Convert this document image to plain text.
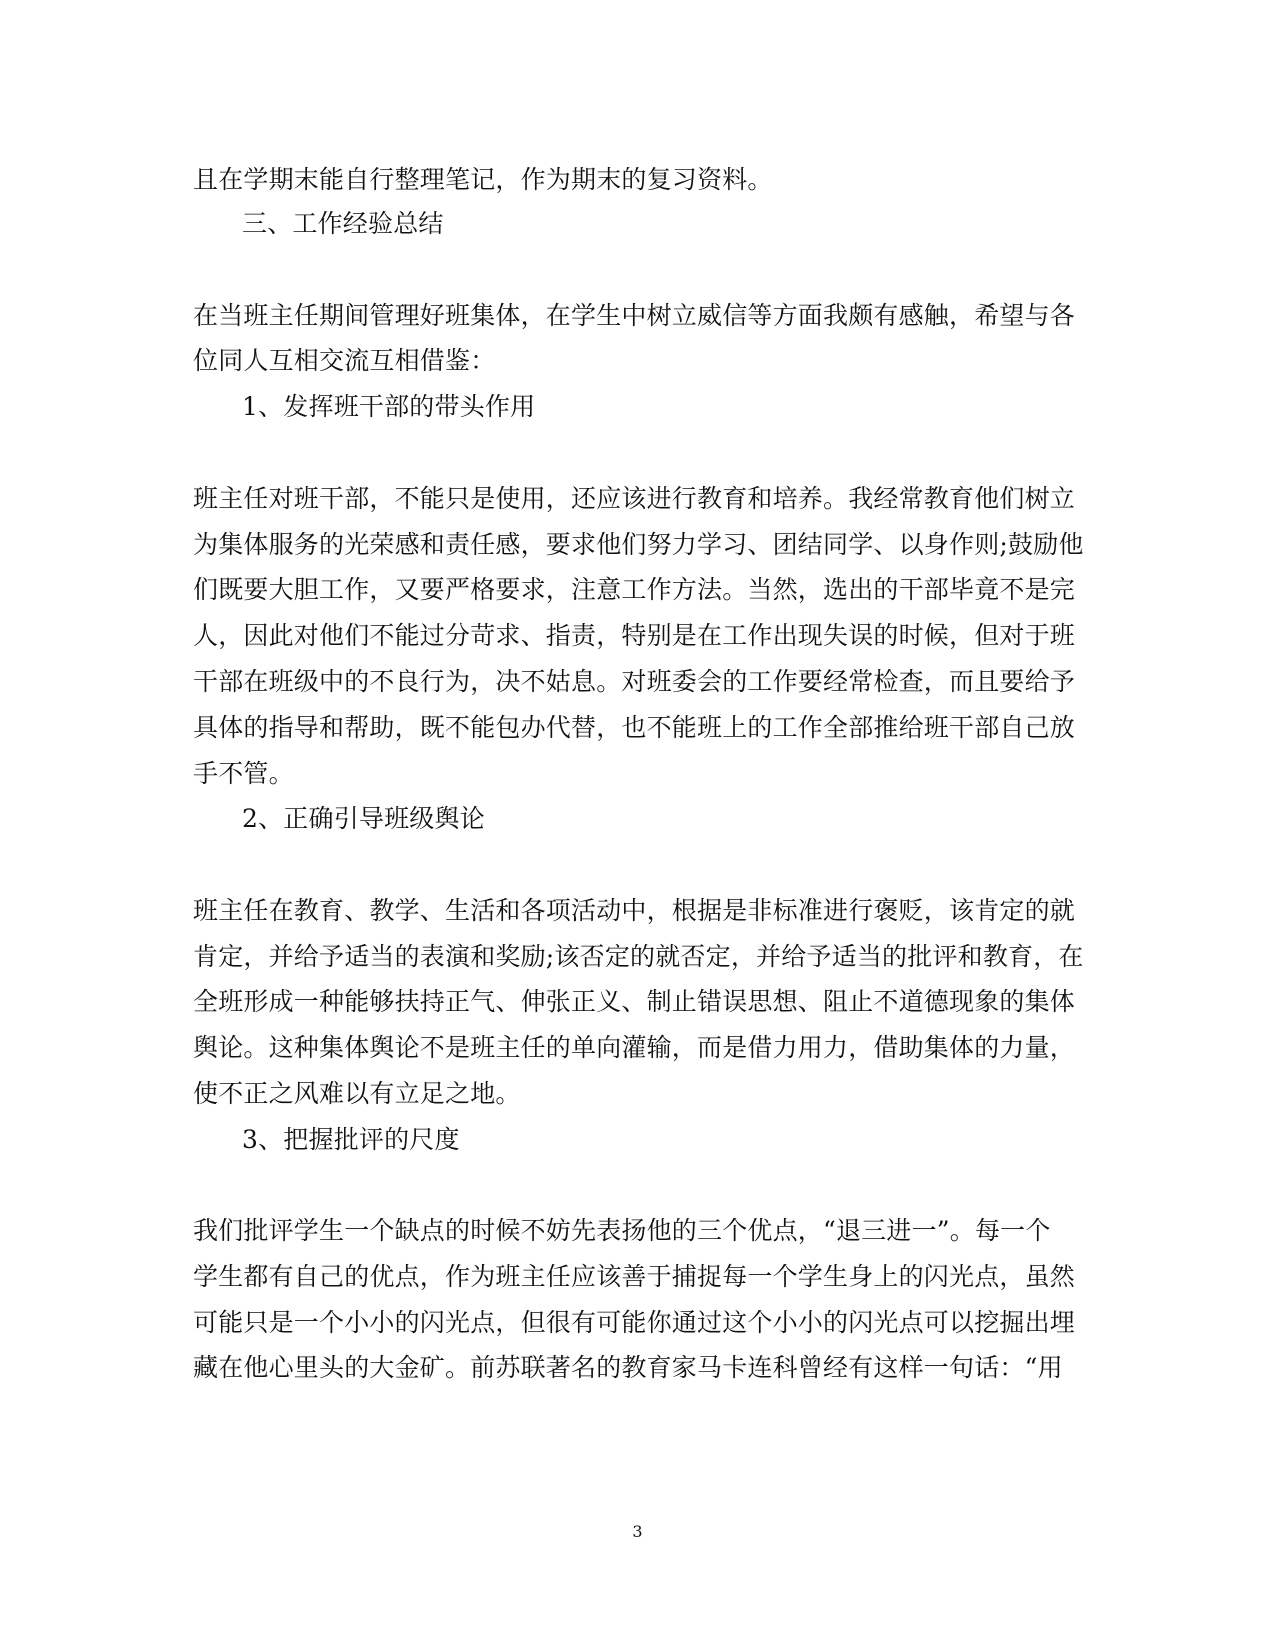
且在学期末能自行整理笔记，作为期末的复习资料。
三、工作经验总结
在当班主任期间管理好班集体，在学生中树立威信等方面我颇有感触，希望与各
位同人互相交流互相借鉴：
1、发挥班干部的带头作用
班主任对班干部，不能只是使用，还应该进行教育和培养。我经常教育他们树立
为集体服务的光荣感和责任感，要求他们努力学习、团结同学、以身作则;鼓励他
们既要大胆工作，又要严格要求，注意工作方法。当然，选出的干部毕竟不是完
人，因此对他们不能过分苛求、指责，特别是在工作出现失误的时候，但对于班
干部在班级中的不良行为，决不姑息。对班委会的工作要经常检查，而且要给予
具体的指导和帮助，既不能包办代替，也不能班上的工作全部推给班干部自己放
手不管。
2、正确引导班级舆论
班主任在教育、教学、生活和各项活动中，根据是非标准进行褒贬，该肯定的就
肯定，并给予适当的表演和奖励;该否定的就否定，并给予适当的批评和教育，在
全班形成一种能够扶持正气、伸张正义、制止错误思想、阻止不道德现象的集体
舆论。这种集体舆论不是班主任的单向灌输，而是借力用力，借助集体的力量，
使不正之风难以有立足之地。
3、把握批评的尺度
我们批评学生一个缺点的时候不妨先表扬他的三个优点，“退三进一”。每一个
学生都有自己的优点，作为班主任应该善于捕捉每一个学生身上的闪光点，虽然
可能只是一个小小的闪光点，但很有可能你通过这个小小的闪光点可以挖掘出埋
藏在他心里头的大金矿。前苏联著名的教育家马卡连科曾经有这样一句话：“用
3
